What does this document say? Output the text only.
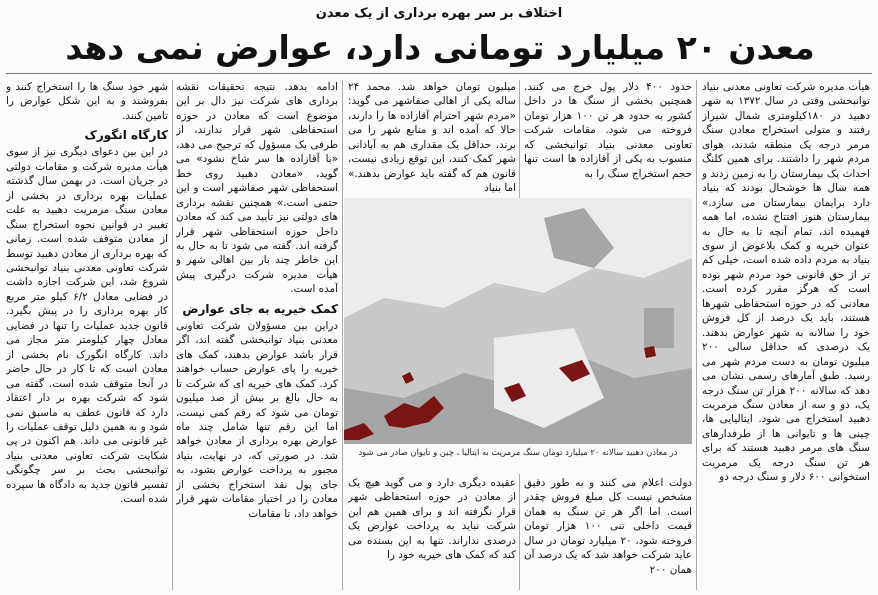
اختلاف بر سر بهره برداری از یک معدن
معدن ۲۰ میلیارد تومانی دارد، عوارض نمی دهد

هیأت مدیره شرکت تعاونی معدنی بنیاد توانبخشی وقتی در سال ۱۳۷۲ به شهر دهبید در ۱۸۰کیلومتری شمال شیراز رفتند و متولی استخراج معادن سنگ مرمر درجه یک منطقه شدند، هوای مردم شهر را داشتند. برای همین کلنگ احداث یک بیمارستان را به زمین زدند و همه سال ها خوشحال بودند که بنیاد دارد برایمان بیمارستان می سازد.» بیمارستان هنوز افتتاح نشده، اما همه فهمیده اند، تمام آنچه تا به حال به عنوان خیریه و کمک بلاعوض از سوی بنیاد به مردم داده شده است، خیلی کم تر از حق قانونی خود مردم شهر بوده است که هرگز مقرر کرده است. معادنی که در حوزه استحفاظی شهرها هستند، باید یک درصد از کل فروش خود را سالانه به شهر عوارض بدهند. یک درصدی که حداقل سالی ۲۰۰ میلیون تومان به دست مردم شهر می رسید. طبق آمارهای رسمی نشان می دهد که سالانه ۲۰۰ هزار تن سنگ درجه یک، دو و سه از معادن سنگ مرمریت دهبید استخراج می شود. ایتالیایی ها، چینی ها و تایوانی ها از طرفدارهای سنگ های مرمر دهبید هستند که برای هر تن سنگ درجه یک مرمریت استخوانی ۶۰۰ دلار و سنگ درجه دو

حدود ۴۰۰ دلار پول خرج می کنند. همچنین بخشی از سنگ ها در داخل کشور به حدود هر تن ۱۰۰ هزار تومان فروخته می شود. مقامات شرکت تعاونی معدنی بنیاد توانبخشی که منسوب به یکی از آقازاده ها است تنها حجم استخراج سنگ را به

میلیون تومان خواهد شد. محمد ۲۴ ساله یکی از اهالی صفاشهر می گوید: «مردم شهر احترام آقازاده ها را دارند، حالا که آمده اند و منابع شهر را می برند، حداقل یک مقداری هم به آبادانی شهر کمک کنند، این توقع زیادی نیست، قانون هم که گفته باید عوارض بدهند.» اما بنیاد

در معادن دهبید سالانه ۲۰ میلیارد تومان سنگ مرمریت به ایتالیا ، چین و تایوان صادر می شود

دولت اعلام می کنند و به طور دقیق مشخص نیست کل مبلغ فروش چقدر است. اما اگر هر تن سنگ به همان قیمت داخلی تنی ۱۰۰ هزار تومان فروخته شود، ۲۰ میلیارد تومان در سال عاید شرکت خواهد شد که یک درصد آن همان ۲۰۰

عقیده دیگری دارد و می گوید هیچ یک از معادن در حوزه استحفاظی شهر قرار نگرفته اند و برای همین هم این شرکت نباید به پرداخت عوارض یک درصدی نداراند. تنها به این بسنده می کند که کمک های خیریه خود را

ادامه بدهد. نتیجه تحقیقات نقشه برداری های شرکت نیز دال بر این موضوع است که معادن در حوزه استحفاظی شهر قرار ندارند، از طرفی یک مسؤول که ترجیح می دهد، «با آقازاده ها سر شاخ نشود» می گوید، «معادن دهبید روی خط استحفاظی شهر صفاشهر است و این حتمی است.» همچنین نقشه برداری های دولتی نیز تأیید می کند که معادن داخل حوزه استحفاظی شهر قرار گرفته اند. گفته می شود تا به حال به این خاطر چند بار بین اهالی شهر و هیأت مدیره شرکت درگیری پیش آمده است.

کمک خیریه به جای عوارض

دراین بین مسؤولان شرکت تعاونی معدنی بنیاد توانبخشی گفته اند، اگر قرار باشد عوارض بدهند، کمک های خیریه را پای عوارض حساب خواهند کرد. کمک های خیریه ای که شرکت تا به حال بالغ بر بیش از صد میلیون تومان می شود که رقم کمی نیست، اما این رقم تنها شامل چند ماه عوارض بهره برداری از معادن خواهد شد. در صورتی که، در نهایت، بنیاد مجبور به پرداخت عوارض بشود، به جای پول نقد استخراج بخشی از معادن را در اختیار مقامات شهر قرار خواهد داد، تا مقامات

شهر خود سنگ ها را استخراج کنند و بفروشند و به این شکل عوارض را تامین کنند.

کارگاه انگورک

در این بین دعوای دیگری نیز از سوی هیأت مدیره شرکت و مقامات دولتی در جریان است. در بهمن سال گذشته عملیات بهره برداری در بخشی از معادن سنگ مرمریت دهبید به علت تغییر در قوانین نحوه استخراج سنگ از معادن متوقف شده است. زمانی که بهره برداری از معادن دهبید توسط شرکت تعاونی معدنی بنیاد توانبخشی شروع شد، این شرکت اجازه داشت در فضایی معادل ۶/۲ کیلو متر مربع کار بهره برداری را در پیش بگیرد. قانون جدید عملیات را تنها در فضایی معادل چهار کیلومتر متر مجاز می داند. کارگاه انگورک نام بخشی از معادن است که تا کار در حال حاضر در آنجا متوقف شده است. گفته می شود که شرکت بهره بر دار اعتقاد دارد که قانون عطف به ماسبق نمی شود و به همین دلیل توقف عملیات را غیر قانونی می داند. هم اکنون در پی شکایت شرکت تعاونی معدنی بنیاد توانبخشی بحث بر سر چگونگی تفسیر قانون جدید به دادگاه ها سپرده شده است.
